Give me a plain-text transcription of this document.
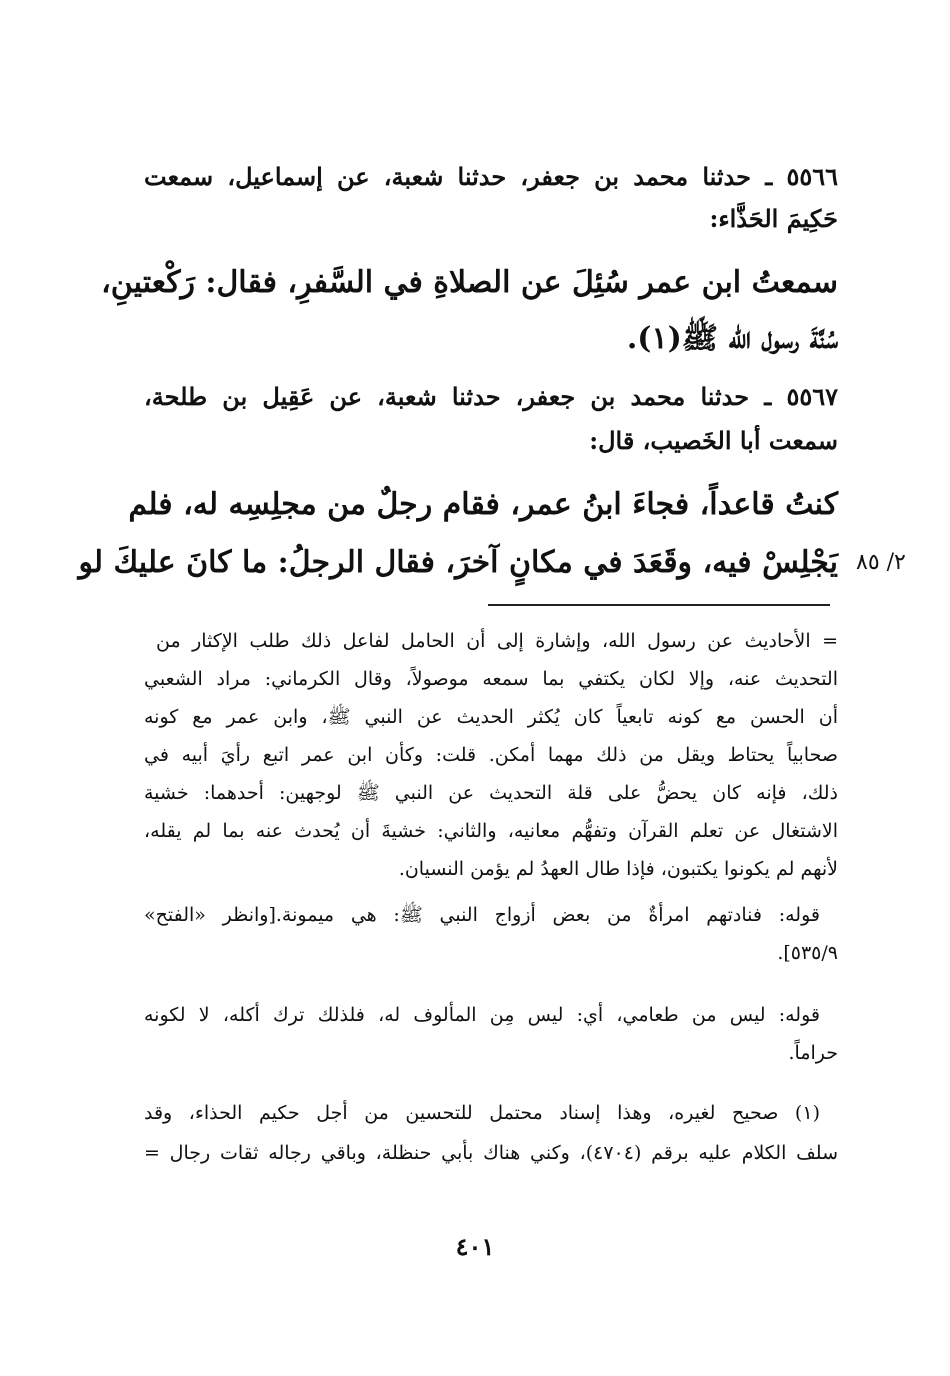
٥٥٦٦ ـ حدثنا محمد بن جعفر، حدثنا شعبة، عن إسماعيل، سمعت
حَكِيمَ الحَذَّاء:
سمعتُ ابن عمر سُئِلَ عن الصلاةِ في السَّفرِ، فقال: رَكْعتينِ،
سُنَّةَ رسول الله ﷺ(١).
٥٥٦٧ ـ حدثنا محمد بن جعفر، حدثنا شعبة، عن عَقِيل بن طلحة،
سمعت أبا الخَصيب، قال:
كنتُ قاعداً، فجاءَ ابنُ عمر، فقام رجلٌ من مجلِسِه له، فلم
يَجْلِسْ فيه، وقَعَدَ في مكانٍ آخرَ، فقال الرجلُ: ما كانَ عليكَ لو ٢/ ٨٥
= الأحاديث عن رسول الله، وإشارة إلى أن الحامل لفاعل ذلك طلب الإكثار من
التحديث عنه، وإلا لكان يكتفي بما سمعه موصولاً، وقال الكرماني: مراد الشعبي
أن الحسن مع كونه تابعياً كان يُكثر الحديث عن النبي ﷺ، وابن عمر مع كونه
صحابياً يحتاط ويقل من ذلك مهما أمكن. قلت: وكأن ابن عمر اتبع رأيَ أبيه في
ذلك، فإنه كان يحضُّ على قلة التحديث عن النبي ﷺ لوجهين: أحدهما: خشية
الاشتغال عن تعلم القرآن وتفهُّم معانيه، والثاني: خشيةَ أن يُحدث عنه بما لم يقله،
لأنهم لم يكونوا يكتبون، فإذا طال العهدُ لم يؤمن النسيان.
قوله: فنادتهم امرأةٌ من بعض أزواج النبي ﷺ: هي ميمونة.[وانظر «الفتح»
٥٣٥/٩].
قوله: ليس من طعامي، أي: ليس مِن المألوف له، فلذلك ترك أكله، لا لكونه
حراماً.
(١) صحيح لغيره، وهذا إسناد محتمل للتحسين من أجل حكيم الحذاء، وقد
سلف الكلام عليه برقم (٤٧٠٤)، وكني هناك بأبي حنظلة، وباقي رجاله ثقات رجال =
٤٠١
